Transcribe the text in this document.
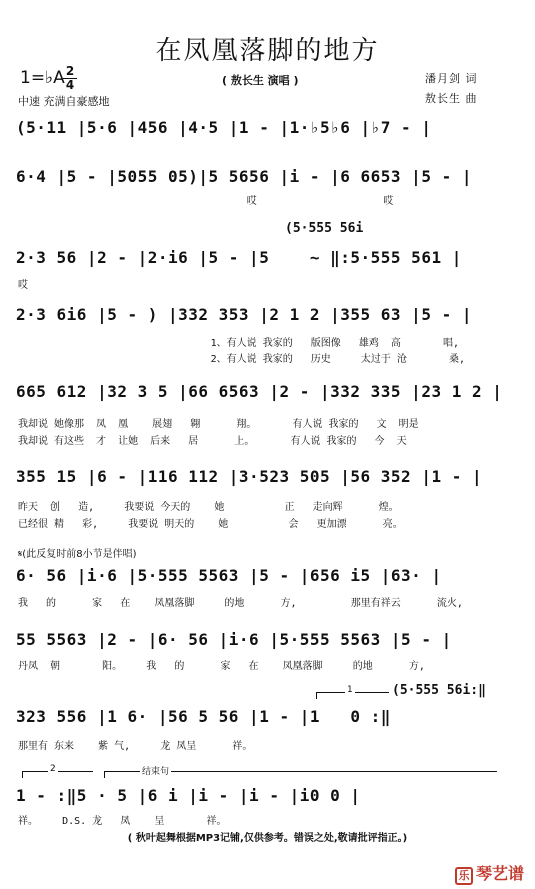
在凤凰落脚的地方
1=♭A 2
4
中速 充满自豪感地
( 敖长生 演唱 )	潘月剑 词
敖长生 曲
(5·11 |5·6 |456 |4·5 |1 - |1·♭5♭6 |♭7 - |
6·4 |5 - |5055 05)|5 5656 |i - |6 6653 |5 - |
哎                     哎
(5·555 56i
2·3 56 |2 - |2·i6 |5 - |5    ~ ‖:5·555 561 |
哎
2·3 6i6 |5 - ) |332 353 |2 1 2 |355 63 |5 - |
1、有人说 我家的   版图像   雄鸡  高       唱,
2、有人说 我家的   历史     太过于 沧       桑,
665 612 |32 3 5 |66 6563 |2 - |332 335 |23 1 2 |
我却说 她像那  凤  凰    展翅   翱      翔。      有人说 我家的   文  明是
我却说 有这些  才  让她  后来   居      上。      有人说 我家的   今  天
355 15 |6 - |116 112 |3·523 505 |56 352 |1 - |
昨天  创   造,     我要说 今天的    她          正   走向辉      煌。
已经很 精   彩,     我要说 明天的    她          会   更加漂      亮。
𝄋(此反复时前8小节是伴唱)
6· 56 |i·6 |5·555 5563 |5 - |656 i5 |63· |
我   的      家   在    凤凰落脚     的地      方,         那里有祥云      流火,
55 5563 |2 - |6· 56 |i·6 |5·555 5563 |5 - |
丹凤  朝       阳。    我   的      家   在    凤凰落脚     的地      方,
1	(5·555 56i:‖
323 556 |1 6· |56 5 56 |1 - |1   0 :‖
那里有 东来    紫 气,     龙 凤呈      祥。
2	结束句
1 - :‖5 · 5 |6 i |i - |i - |i0 0 |
祥。    D.S. 龙   凤    呈       祥。
( 秋叶起舞根据MP3记铺,仅供参考。错误之处,敬请批评指正。)
乐 琴艺谱
